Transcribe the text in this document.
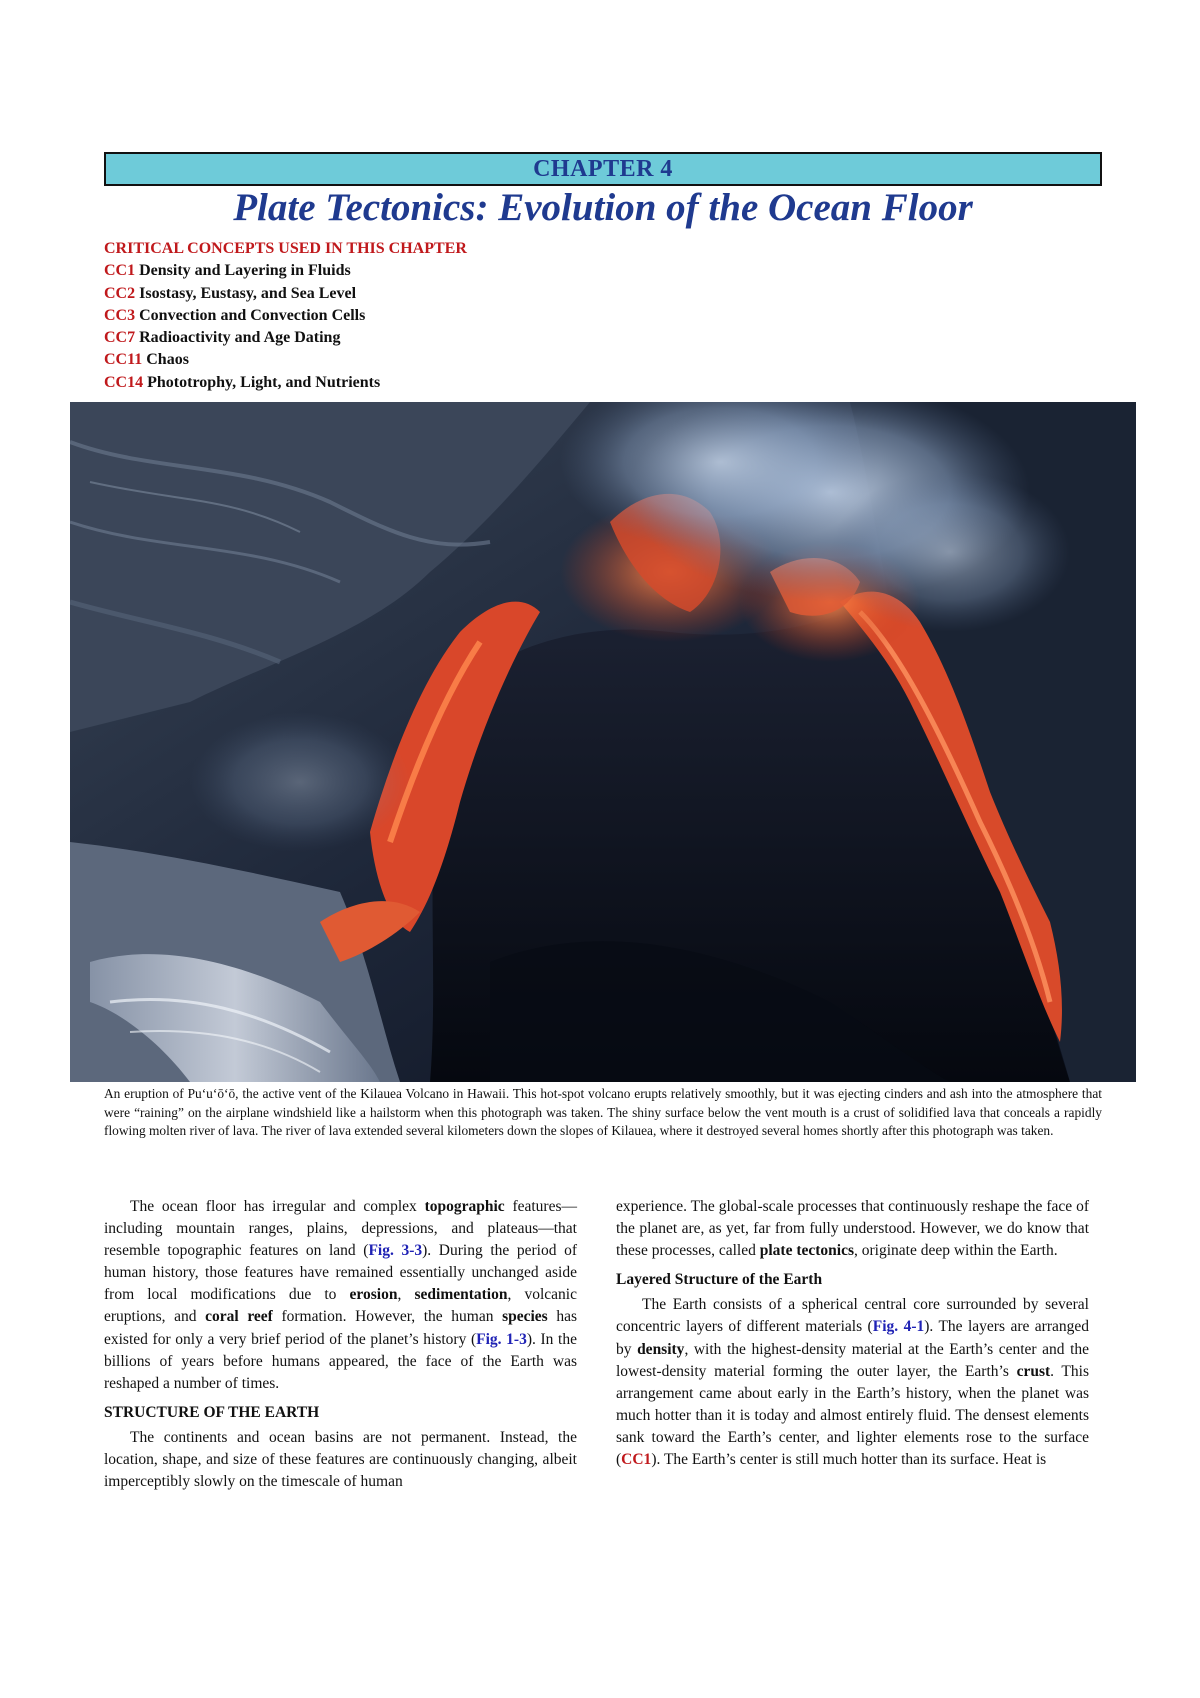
CHAPTER 4
Plate Tectonics: Evolution of the Ocean Floor
CRITICAL CONCEPTS USED IN THIS CHAPTER
CC1 Density and Layering in Fluids
CC2 Isostasy, Eustasy, and Sea Level
CC3 Convection and Convection Cells
CC7 Radioactivity and Age Dating
CC11 Chaos
CC14 Phototrophy, Light, and Nutrients
An eruption of Pu‘u‘ō‘ō, the active vent of the Kilauea Volcano in Hawaii. This hot-spot volcano erupts relatively smoothly, but it was ejecting cinders and ash into the atmosphere that were “raining” on the airplane windshield like a hailstorm when this photograph was taken. The shiny surface below the vent mouth is a crust of solidified lava that conceals a rapidly flowing molten river of lava. The river of lava extended several kilometers down the slopes of Kilauea, where it destroyed several homes shortly after this photograph was taken.

The ocean floor has irregular and complex topographic features—including mountain ranges, plains, depressions, and plateaus—that resemble topographic features on land (Fig. 3-3). During the period of human history, those features have remained essentially unchanged aside from local modifications due to erosion, sedimentation, volcanic eruptions, and coral reef formation. However, the human species has existed for only a very brief period of the planet’s history (Fig. 1-3). In the billions of years before humans appeared, the face of the Earth was reshaped a number of times.

STRUCTURE OF THE EARTH

The continents and ocean basins are not permanent. Instead, the location, shape, and size of these features are continuously changing, albeit imperceptibly slowly on the timescale of human

experience. The global-scale processes that continuously reshape the face of the planet are, as yet, far from fully understood. However, we do know that these processes, called plate tectonics, originate deep within the Earth.

Layered Structure of the Earth

The Earth consists of a spherical central core surrounded by several concentric layers of different materials (Fig. 4-1). The layers are arranged by density, with the highest-density material at the Earth’s center and the lowest-density material forming the outer layer, the Earth’s crust. This arrangement came about early in the Earth’s history, when the planet was much hotter than it is today and almost entirely fluid. The densest elements sank toward the Earth’s center, and lighter elements rose to the surface (CC1). The Earth’s center is still much hotter than its surface. Heat is
